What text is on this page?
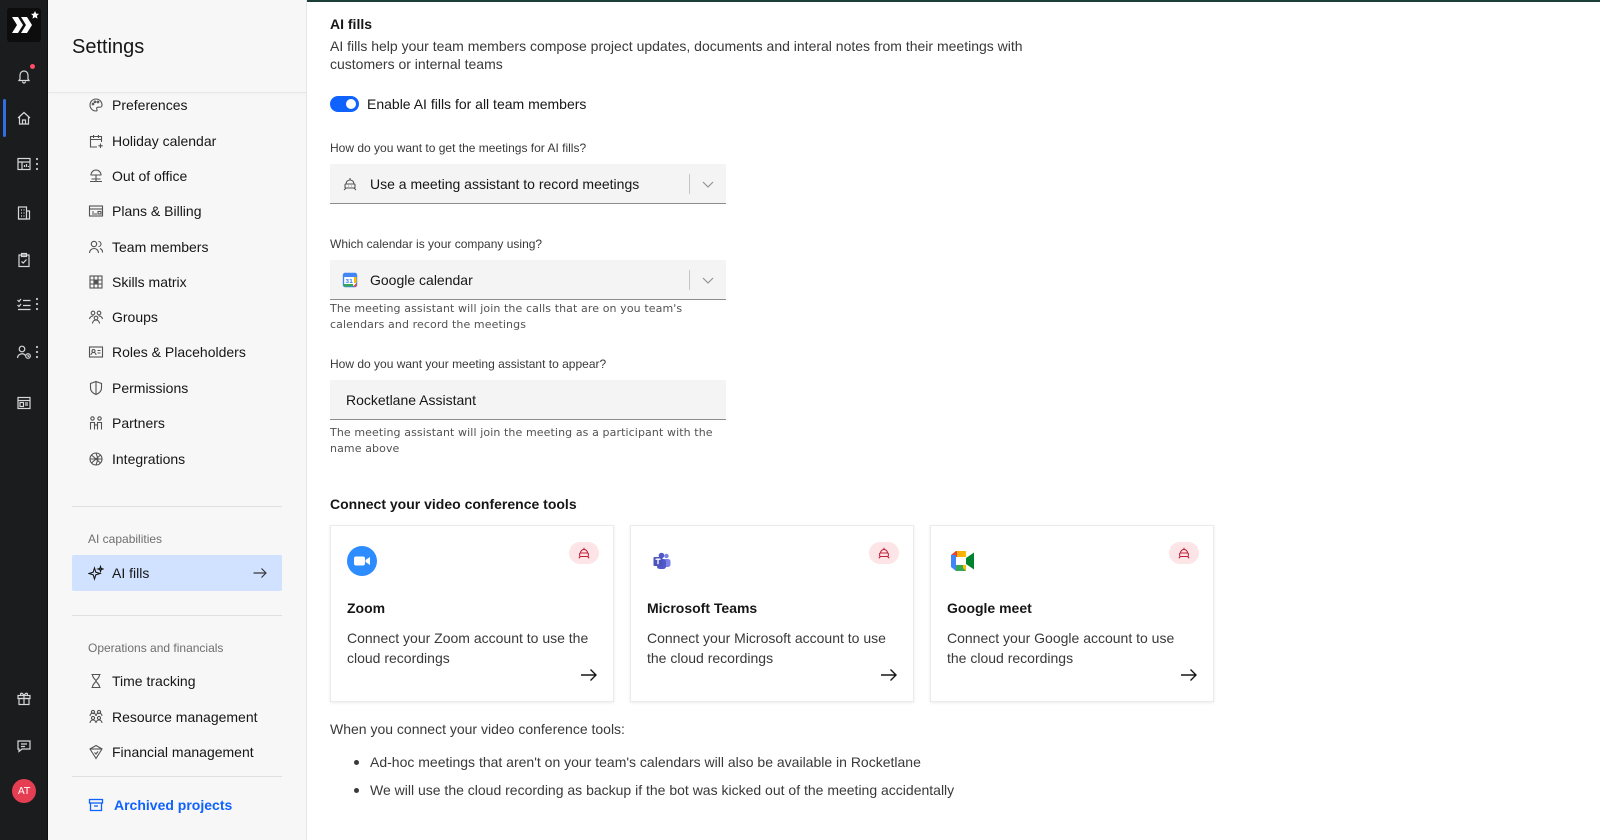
AT
Settings
Preferences
Holiday calendar
Out of office
Plans & Billing
Team members
Skills matrix
Groups
Roles & Placeholders
Permissions
Partners
Integrations
AI capabilities
AI fills
Operations and financials
Time tracking
Resource management
Financial management
Archived projects
AI fills
AI fills help your team members compose project updates, documents and interal notes from their meetings with customers or internal teams
Enable AI fills for all team members
How do you want to get the meetings for AI fills?
Use a meeting assistant to record meetings
Which calendar is your company using?
31 Google calendar
The meeting assistant will join the calls that are on you team's calendars and record the meetings
How do you want your meeting assistant to appear?
Rocketlane Assistant
The meeting assistant will join the meeting as a participant with the name above
Connect your video conference tools
Zoom
Connect your Zoom account to use the cloud recordings
Microsoft Teams
Connect your Microsoft account to use the cloud recordings
Google meet
Connect your Google account to use the cloud recordings
When you connect your video conference tools:
Ad-hoc meetings that aren't on your team's calendars will also be available in Rocketlane
We will use the cloud recording as backup if the bot was kicked out of the meeting accidentally
